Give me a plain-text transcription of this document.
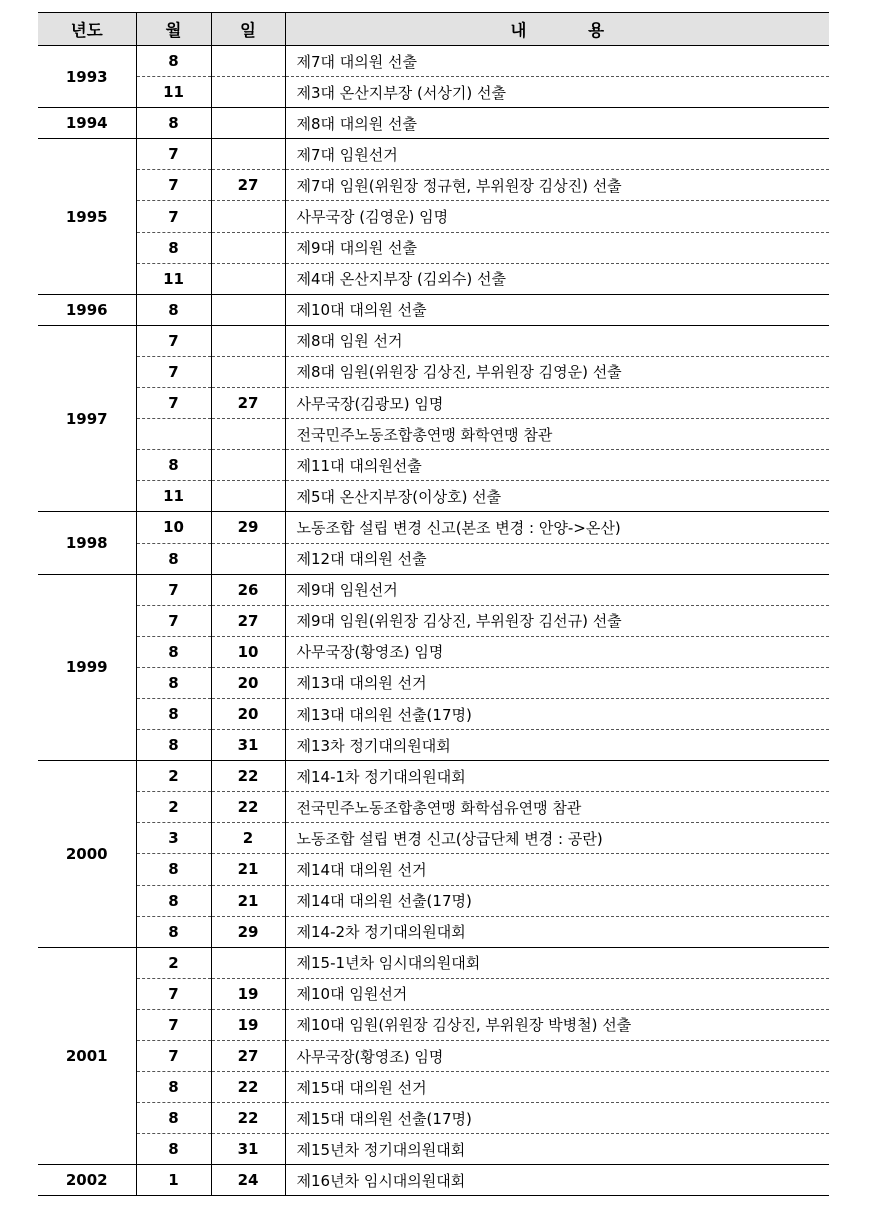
년도	월	일	내 용
1993	8		제7대 대의원 선출
	11		제3대 온산지부장 (서상기) 선출
1994	8		제8대 대의원 선출
1995	7		제7대 임원선거
	7	27	제7대 임원(위원장 정규현, 부위원장 김상진) 선출
	7		사무국장 (김영운) 임명
	8		제9대 대의원 선출
	11		제4대 온산지부장 (김외수) 선출
1996	8		제10대 대의원 선출
1997	7		제8대 임원 선거
	7		제8대 임원(위원장 김상진, 부위원장 김영운) 선출
	7	27	사무국장(김광모) 임명
			전국민주노동조합총연맹 화학연맹 참관
	8		제11대 대의원선출
	11		제5대 온산지부장(이상호) 선출
1998	10	29	노동조합 설립 변경 신고(본조 변경 : 안양->온산)
	8		제12대 대의원 선출
1999	7	26	제9대 임원선거
	7	27	제9대 임원(위원장 김상진, 부위원장 김선규) 선출
	8	10	사무국장(황영조) 임명
	8	20	제13대 대의원 선거
	8	20	제13대 대의원 선출(17명)
	8	31	제13차 정기대의원대회
2000	2	22	제14-1차 정기대의원대회
	2	22	전국민주노동조합총연맹 화학섬유연맹 참관
	3	2	노동조합 설립 변경 신고(상급단체 변경 : 공란)
	8	21	제14대 대의원 선거
	8	21	제14대 대의원 선출(17명)
	8	29	제14-2차 정기대의원대회
2001	2		제15-1년차 임시대의원대회
	7	19	제10대 임원선거
	7	19	제10대 임원(위원장 김상진, 부위원장 박병철) 선출
	7	27	사무국장(황영조) 임명
	8	22	제15대 대의원 선거
	8	22	제15대 대의원 선출(17명)
	8	31	제15년차 정기대의원대회
2002	1	24	제16년차 임시대의원대회
